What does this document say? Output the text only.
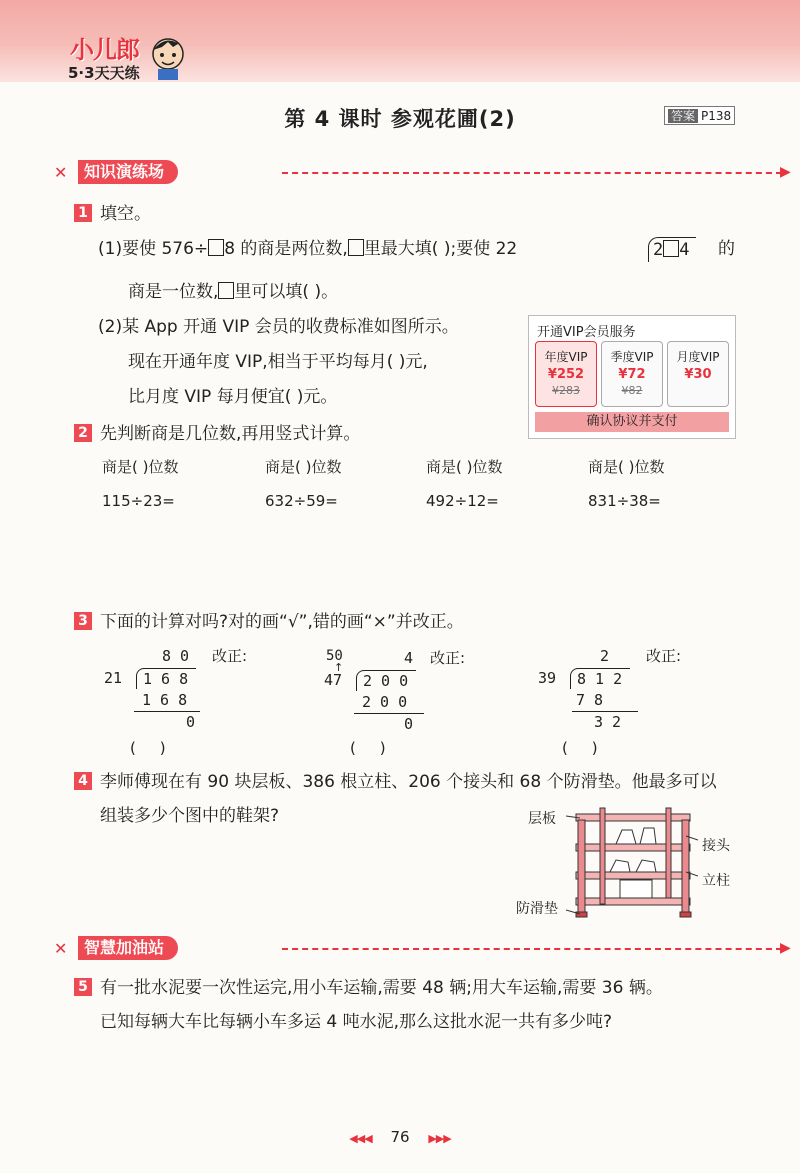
小儿郎
5·3天天练
第 4 课时 参观花圃(2)	答案 P138
✕	知识演练场	▶
1 填空。
(1)要使 576÷ 8 的商是两位数, 里最大填( );要使 22	2 4	的
商是一位数, 里可以填( )。
(2)某 App 开通 VIP 会员的收费标准如图所示。
现在开通年度 VIP,相当于平均每月( )元,
比月度 VIP 每月便宜( )元。
开通VIP会员服务
年度VIP
¥252
¥283
季度VIP
¥72
¥82
月度VIP
¥30
确认协议并支付
2 先判断商是几位数,再用竖式计算。
商是( )位数	商是( )位数	商是( )位数	商是( )位数
115÷23=	632÷59=	492÷12=	831÷38=
3 下面的计算对吗?对的画“√”,错的画“×”并改正。
8 0 改正:
21	1 6 8
1 6 8
0
(     )
50
↑
4 改正:
47	2 0 0
2 0 0
0
(     )
2 改正:
39	8 1 2
7 8
3 2
(     )
4 李师傅现在有 90 块层板、386 根立柱、206 个接头和 68 个防滑垫。他最多可以
组装多少个图中的鞋架?	层板
接头
立柱
防滑垫
✕	智慧加油站	▶
5 有一批水泥要一次性运完,用小车运输,需要 48 辆;用大车运输,需要 36 辆。
已知每辆大车比每辆小车多运 4 吨水泥,那么这批水泥一共有多少吨?
◀◀◀ 76 ▶▶▶
